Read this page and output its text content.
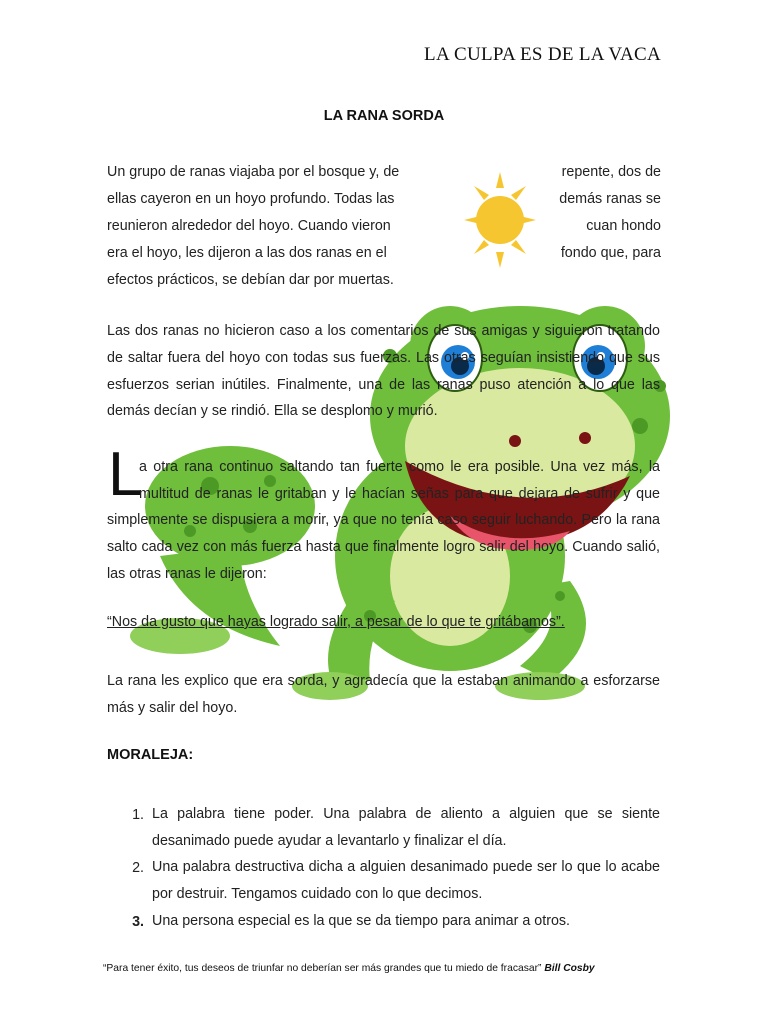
LA CULPA ES DE LA VACA
LA RANA SORDA
Un grupo de ranas viajaba por el bosque y, de
ellas cayeron en un hoyo profundo. Todas las
reunieron alrededor del hoyo. Cuando vieron
era el hoyo, les dijeron a las dos ranas en el
repente, dos de
demás ranas se
cuan hondo
fondo que, para
efectos prácticos, se debían dar por muertas.
Las dos ranas no hicieron caso a los comentarios de sus amigas y siguieron tratando de saltar fuera del hoyo con todas sus fuerzas. Las otras seguían insistiendo que sus esfuerzos serian inútiles. Finalmente, una de las ranas puso atención a lo que las demás decían y se rindió. Ella se desplomo y murió.
L
a otra rana continuo saltando tan fuerte como le era posible. Una vez más, la
multitud de ranas le gritaban y le hacían señas para que dejara de sufrir y que
simplemente se dispusiera a morir, ya que no tenía caso seguir luchando. Pero la rana salto cada vez con más fuerza hasta que finalmente logro salir del hoyo. Cuando salió, las otras ranas le dijeron:
“Nos da gusto que hayas logrado salir, a pesar de lo que te gritábamos”.
La rana les explico que era sorda, y agradecía que la estaban animando a esforzarse más y salir del hoyo.
MORALEJA:
1. La palabra tiene poder. Una palabra de aliento a alguien que se siente desanimado puede ayudar a levantarlo y finalizar el día.
2. Una palabra destructiva dicha a alguien desanimado puede ser lo que lo acabe por destruir. Tengamos cuidado con lo que decimos.
3. Una persona especial es la que se da tiempo para animar a otros.
“Para tener éxito, tus deseos de triunfar no deberían ser más grandes que tu miedo de fracasar” Bill Cosby
